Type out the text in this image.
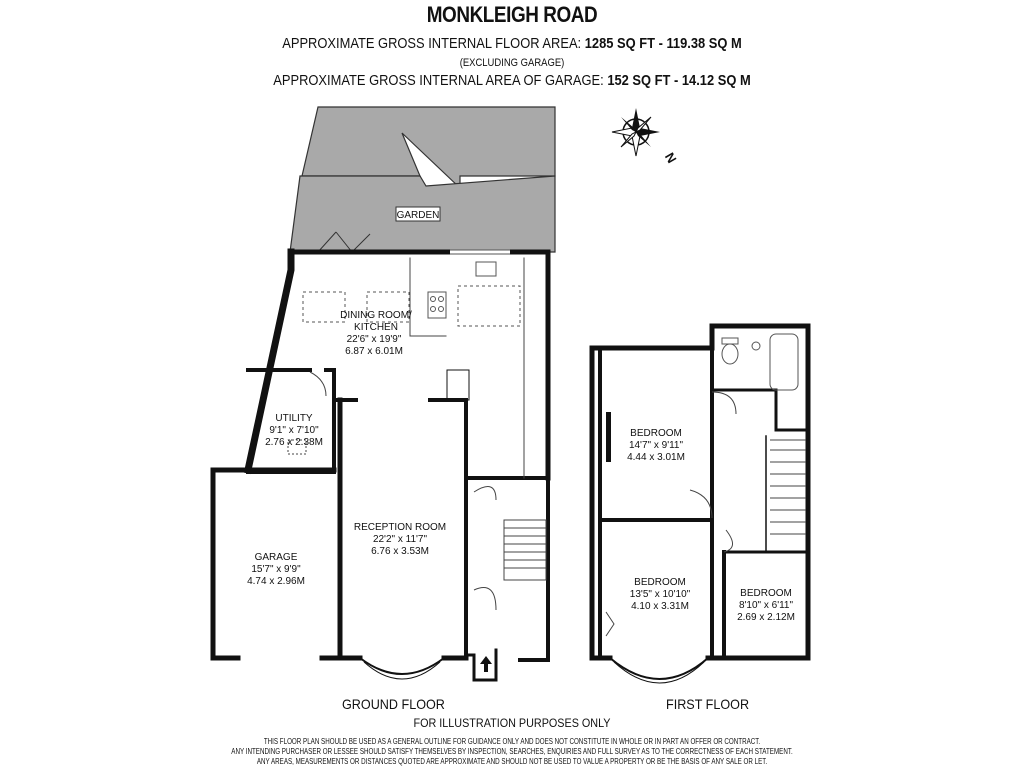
MONKLEIGH ROAD
APPROXIMATE GROSS INTERNAL FLOOR AREA: 1285 SQ FT - 119.38 SQ M
(EXCLUDING GARAGE)
APPROXIMATE GROSS INTERNAL AREA OF GARAGE: 152 SQ FT - 14.12 SQ M
GARDEN
N
DINING ROOM/
KITCHEN
22'6" x 19'9"
6.87 x 6.01M
UTILITY
9'1" x 7'10"
2.76 x 2.38M
GARAGE
15'7" x 9'9"
4.74 x 2.96M
RECEPTION ROOM
22'2" x 11'7"
6.76 x 3.53M
BEDROOM
14'7" x 9'11"
4.44 x 3.01M
BEDROOM
13'5" x 10'10"
4.10 x 3.31M
BEDROOM
8'10" x 6'11"
2.69 x 2.12M
GROUND FLOOR	FIRST FLOOR
FOR ILLUSTRATION PURPOSES ONLY
THIS FLOOR PLAN SHOULD BE USED AS A GENERAL OUTLINE FOR GUIDANCE ONLY AND DOES NOT CONSTITUTE IN WHOLE OR IN PART AN OFFER OR CONTRACT.
ANY INTENDING PURCHASER OR LESSEE SHOULD SATISFY THEMSELVES BY INSPECTION, SEARCHES, ENQUIRIES AND FULL SURVEY AS TO THE CORRECTNESS OF EACH STATEMENT.
ANY AREAS, MEASUREMENTS OR DISTANCES QUOTED ARE APPROXIMATE AND SHOULD NOT BE USED TO VALUE A PROPERTY OR BE THE BASIS OF ANY SALE OR LET.
